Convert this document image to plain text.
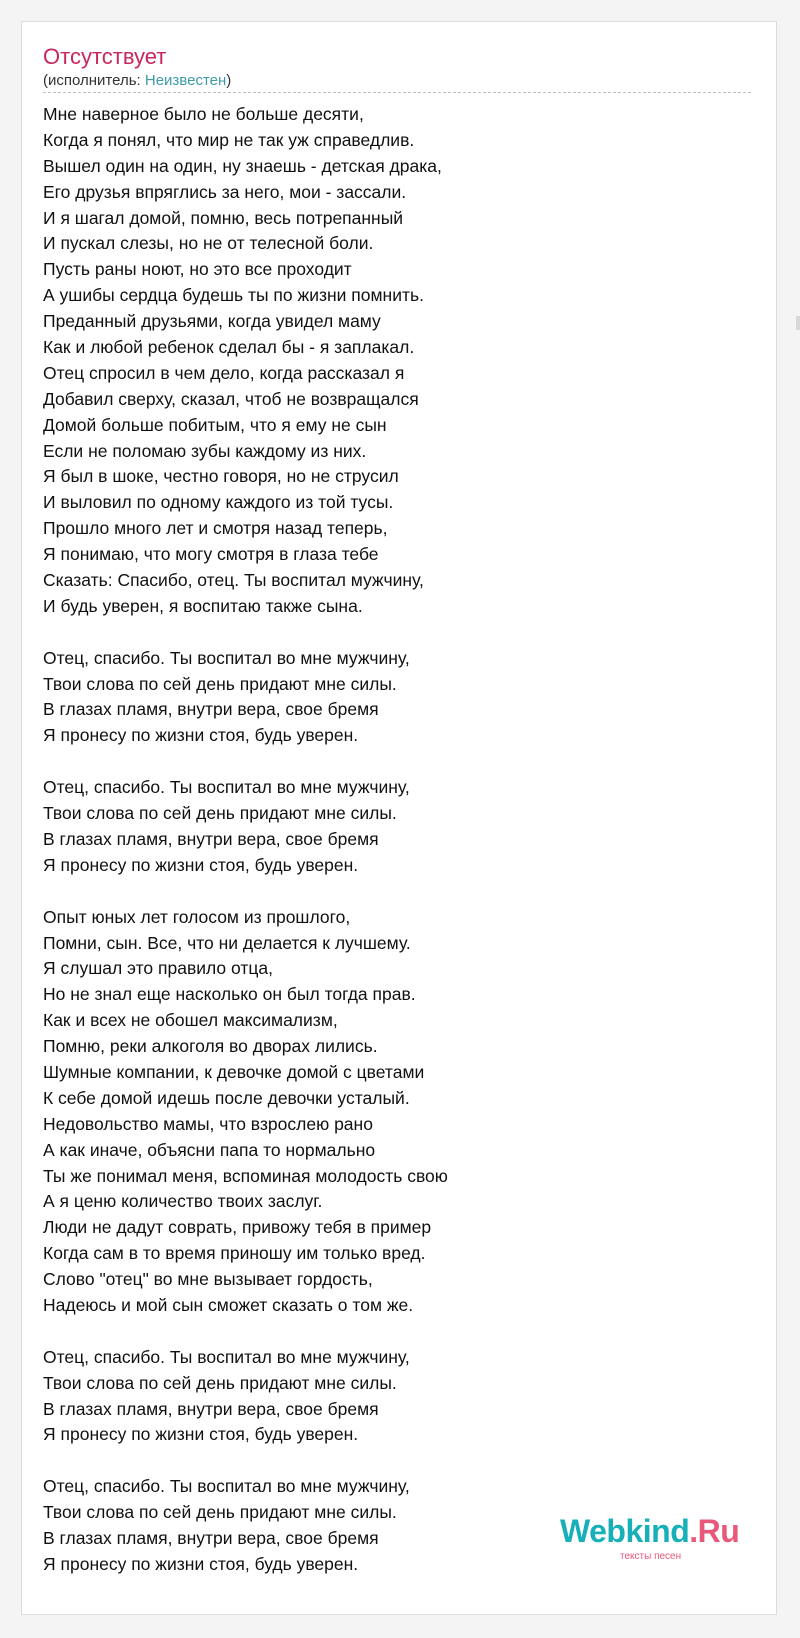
Отсутствует
(исполнитель: Неизвестен)
Мне наверное было не больше десяти,
Когда я понял, что мир не так уж справедлив.
Вышел один на один, ну знаешь - детская драка,
Его друзья впряглись за него, мои - зассали.
И я шагал домой, помню, весь потрепанный
И пускал слезы, но не от телесной боли.
Пусть раны ноют, но это все проходит
А ушибы сердца будешь ты по жизни помнить.
Преданный друзьями, когда увидел маму
Как и любой ребенок сделал бы - я заплакал.
Отец спросил в чем дело, когда рассказал я
Добавил сверху, сказал, чтоб не возвращался
Домой больше побитым, что я ему не сын
Если не поломаю зубы каждому из них.
Я был в шоке, честно говоря, но не струсил
И выловил по одному каждого из той тусы.
Прошло много лет и смотря назад теперь,
Я понимаю, что могу смотря в глаза тебе
Сказать: Спасибо, отец. Ты воспитал мужчину,
И будь уверен, я воспитаю также сына.
Отец, спасибо. Ты воспитал во мне мужчину,
Твои слова по сей день придают мне силы.
В глазах пламя, внутри вера, свое бремя
Я пронесу по жизни стоя, будь уверен.
Отец, спасибо. Ты воспитал во мне мужчину,
Твои слова по сей день придают мне силы.
В глазах пламя, внутри вера, свое бремя
Я пронесу по жизни стоя, будь уверен.
Опыт юных лет голосом из прошлого,
Помни, сын. Все, что ни делается к лучшему.
Я слушал это правило отца,
Но не знал еще насколько он был тогда прав.
Как и всех не обошел максимализм,
Помню, реки алкоголя во дворах лились.
Шумные компании, к девочке домой с цветами
К себе домой идешь после девочки усталый.
Недовольство мамы, что взрослею рано
А как иначе, объясни папа то нормально
Ты же понимал меня, вспоминая молодость свою
А я ценю количество твоих заслуг.
Люди не дадут соврать, привожу тебя в пример
Когда сам в то время приношу им только вред.
Слово "отец" во мне вызывает гордость,
Надеюсь и мой сын сможет сказать о том же.
Отец, спасибо. Ты воспитал во мне мужчину,
Твои слова по сей день придают мне силы.
В глазах пламя, внутри вера, свое бремя
Я пронесу по жизни стоя, будь уверен.
Отец, спасибо. Ты воспитал во мне мужчину,
Твои слова по сей день придают мне силы.
В глазах пламя, внутри вера, свое бремя
Я пронесу по жизни стоя, будь уверен.
Webkind.Ru
тексты песен
